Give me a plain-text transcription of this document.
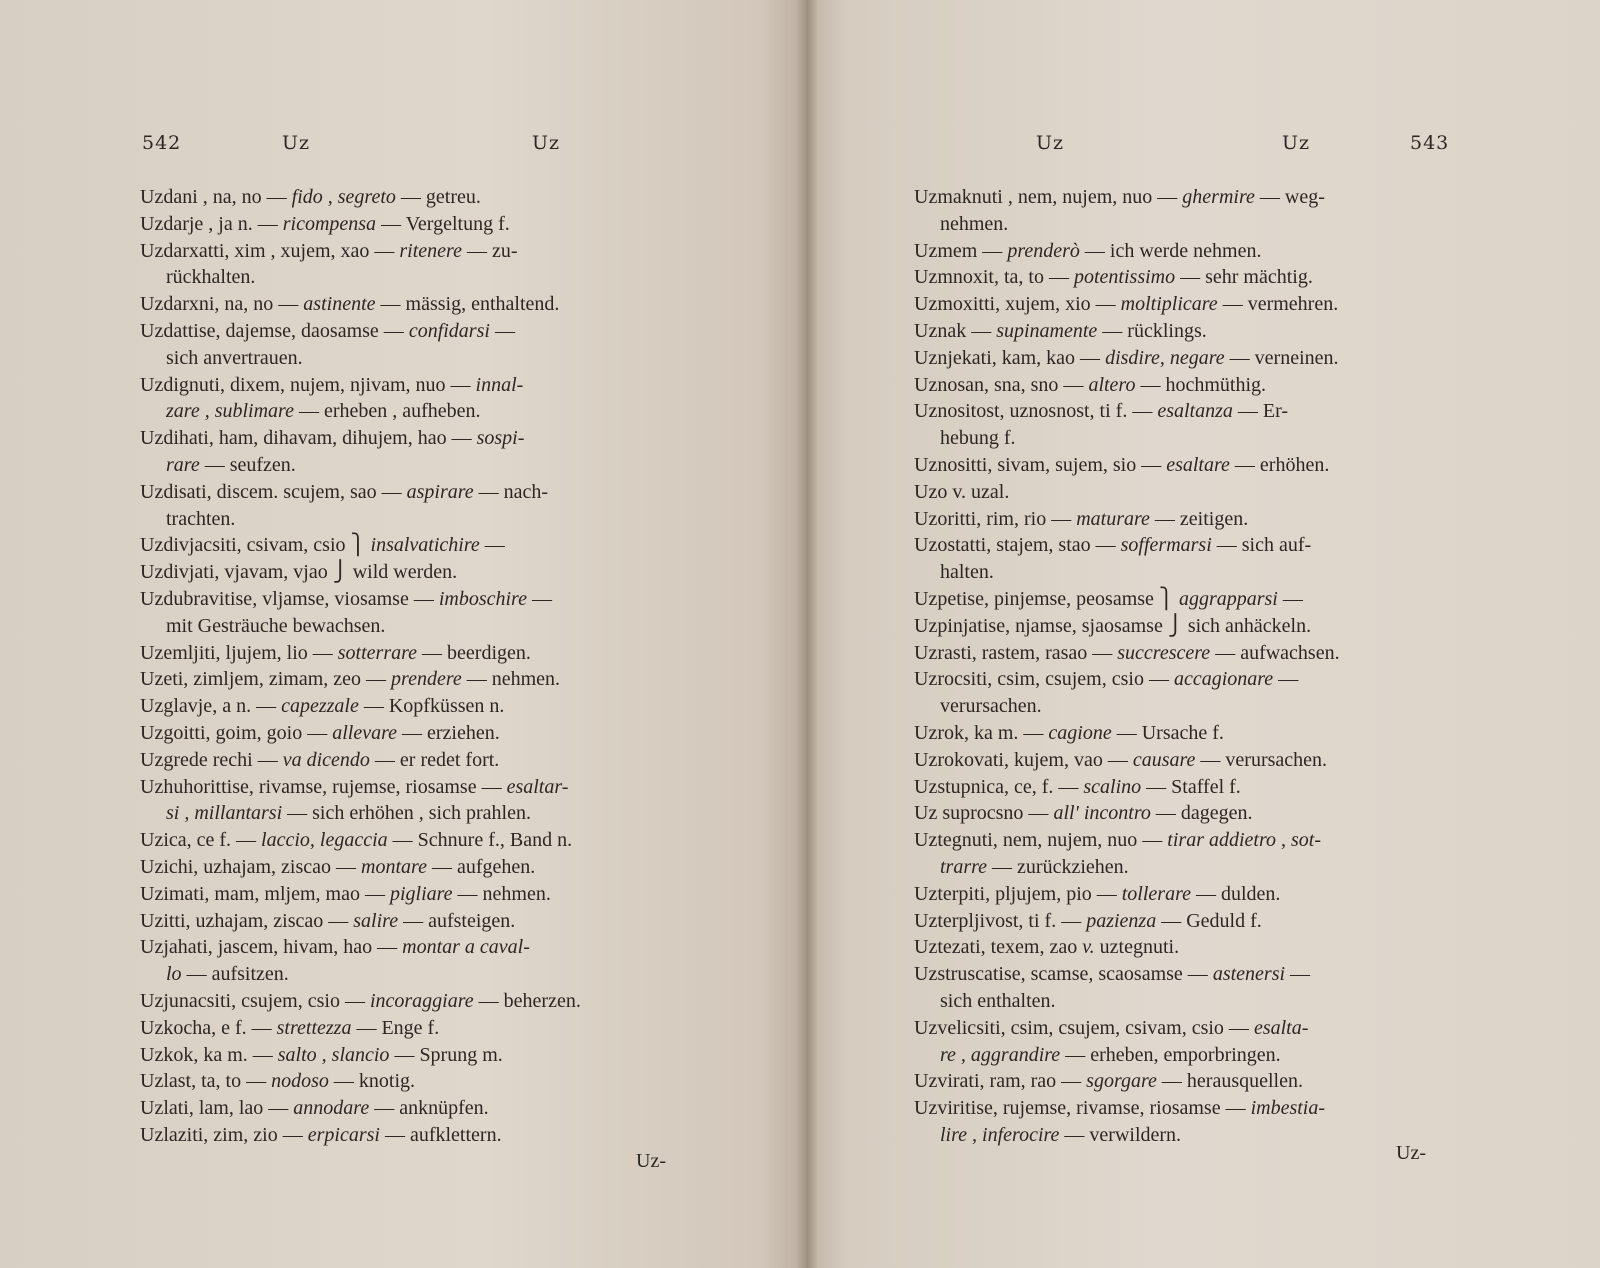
542	Uz	Uz
Uzdani , na, no — fido , segreto — getreu.
Uzdarje , ja n. — ricompensa — Vergeltung f.
Uzdarxatti, xim , xujem, xao — ritenere — zu-
rückhalten.
Uzdarxni, na, no — astinente — mässig, enthaltend.
Uzdattise, dajemse, daosamse — confidarsi —
sich anvertrauen.
Uzdignuti, dixem, nujem, njivam, nuo — innal-
zare , sublimare — erheben , aufheben.
Uzdihati, ham, dihavam, dihujem, hao — sospi-
rare — seufzen.
Uzdisati, discem. scujem, sao — aspirare — nach-
trachten.
Uzdivjacsiti, csivam, csio ⎫ insalvatichire —
Uzdivjati, vjavam, vjao ⎭ wild werden.
Uzdubravitise, vljamse, viosamse — imboschire —
mit Gesträuche bewachsen.
Uzemljiti, ljujem, lio — sotterrare — beerdigen.
Uzeti, zimljem, zimam, zeo — prendere — nehmen.
Uzglavje, a n. — capezzale — Kopfküssen n.
Uzgoitti, goim, goio — allevare — erziehen.
Uzgrede rechi — va dicendo — er redet fort.
Uzhuhorittise, rivamse, rujemse, riosamse — esaltar-
si , millantarsi — sich erhöhen , sich prahlen.
Uzica, ce f. — laccio, legaccia — Schnure f., Band n.
Uzichi, uzhajam, ziscao — montare — aufgehen.
Uzimati, mam, mljem, mao — pigliare — nehmen.
Uzitti, uzhajam, ziscao — salire — aufsteigen.
Uzjahati, jascem, hivam, hao — montar a caval-
lo — aufsitzen.
Uzjunacsiti, csujem, csio — incoraggiare — beherzen.
Uzkocha, e f. — strettezza — Enge f.
Uzkok, ka m. — salto , slancio — Sprung m.
Uzlast, ta, to — nodoso — knotig.
Uzlati, lam, lao — annodare — anknüpfen.
Uzlaziti, zim, zio — erpicarsi — aufklettern.
Uz-
Uz	Uz	543
Uzmaknuti , nem, nujem, nuo — ghermire — weg-
nehmen.
Uzmem — prenderò — ich werde nehmen.
Uzmnoxit, ta, to — potentissimo — sehr mächtig.
Uzmoxitti, xujem, xio — moltiplicare — vermehren.
Uznak — supinamente — rücklings.
Uznjekati, kam, kao — disdire, negare — verneinen.
Uznosan, sna, sno — altero — hochmüthig.
Uznositost, uznosnost, ti f. — esaltanza — Er-
hebung f.
Uznositti, sivam, sujem, sio — esaltare — erhöhen.
Uzo v. uzal.
Uzoritti, rim, rio — maturare — zeitigen.
Uzostatti, stajem, stao — soffermarsi — sich auf-
halten.
Uzpetise, pinjemse, peosamse ⎫ aggrapparsi —
Uzpinjatise, njamse, sjaosamse ⎭ sich anhäckeln.
Uzrasti, rastem, rasao — succrescere — aufwachsen.
Uzrocsiti, csim, csujem, csio — accagionare —
verursachen.
Uzrok, ka m. — cagione — Ursache f.
Uzrokovati, kujem, vao — causare — verursachen.
Uzstupnica, ce, f. — scalino — Staffel f.
Uz suprocsno — all' incontro — dagegen.
Uztegnuti, nem, nujem, nuo — tirar addietro , sot-
trarre — zurückziehen.
Uzterpiti, pljujem, pio — tollerare — dulden.
Uzterpljivost, ti f. — pazienza — Geduld f.
Uztezati, texem, zao v. uztegnuti.
Uzstruscatise, scamse, scaosamse — astenersi —
sich enthalten.
Uzvelicsiti, csim, csujem, csivam, csio — esalta-
re , aggrandire — erheben, emporbringen.
Uzvirati, ram, rao — sgorgare — herausquellen.
Uzviritise, rujemse, rivamse, riosamse — imbestia-
lire , inferocire — verwildern.
Uz-
